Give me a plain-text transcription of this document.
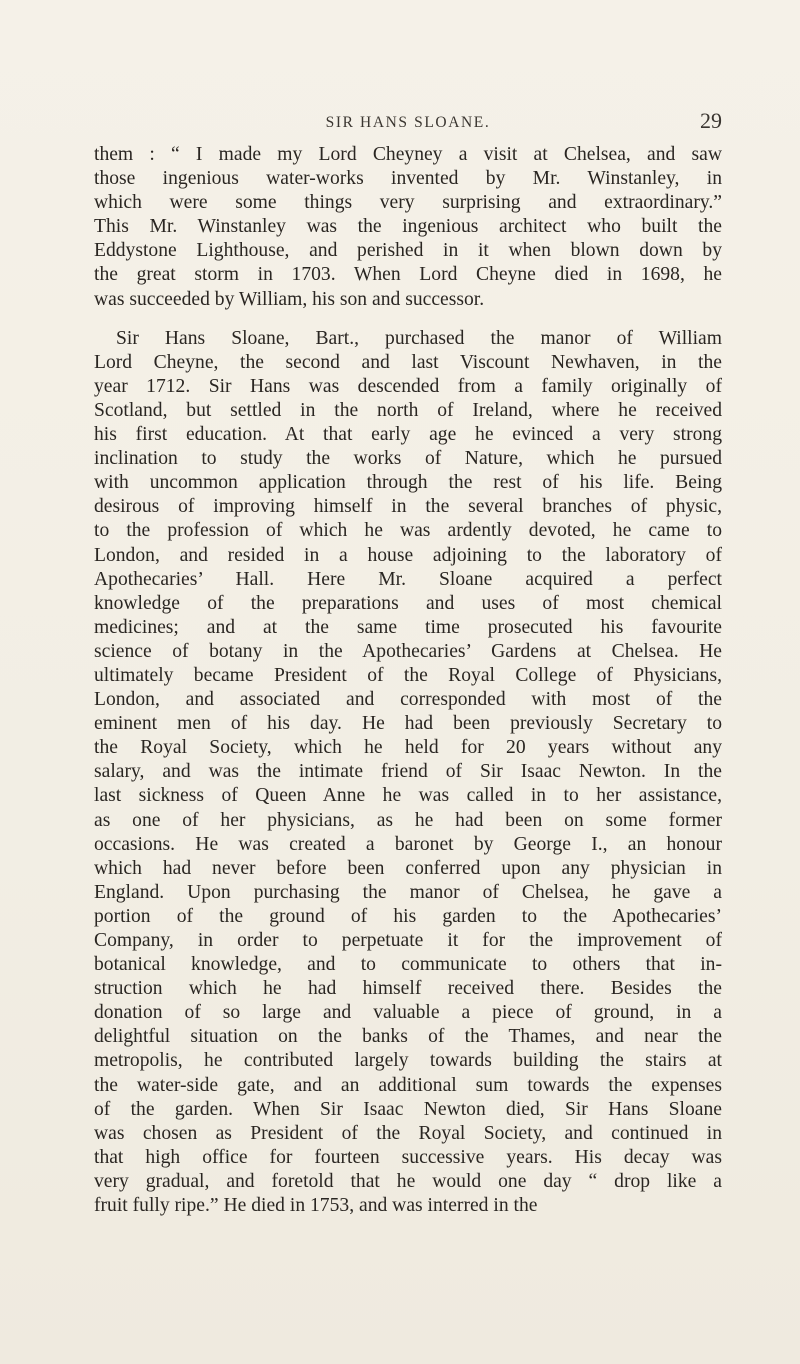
SIR HANS SLOANE.	29
them : “ I made my Lord Cheyney a visit at Chelsea, and saw
those ingenious water-works invented by Mr. Winstanley, in
which were some things very surprising and extraordinary.”
This Mr. Winstanley was the ingenious architect who built the
Eddystone Lighthouse, and perished in it when blown down by
the great storm in 1703. When Lord Cheyne died in 1698, he
was succeeded by William, his son and successor.
Sir Hans Sloane, Bart., purchased the manor of William
Lord Cheyne, the second and last Viscount Newhaven, in the
year 1712. Sir Hans was descended from a family originally of
Scotland, but settled in the north of Ireland, where he received
his first education. At that early age he evinced a very strong
inclination to study the works of Nature, which he pursued
with uncommon application through the rest of his life. Being
desirous of improving himself in the several branches of physic,
to the profession of which he was ardently devoted, he came to
London, and resided in a house adjoining to the laboratory of
Apothecaries’ Hall. Here Mr. Sloane acquired a perfect
knowledge of the preparations and uses of most chemical
medicines; and at the same time prosecuted his favourite
science of botany in the Apothecaries’ Gardens at Chelsea. He
ultimately became President of the Royal College of Physicians,
London, and associated and corresponded with most of the
eminent men of his day. He had been previously Secretary to
the Royal Society, which he held for 20 years without any
salary, and was the intimate friend of Sir Isaac Newton. In the
last sickness of Queen Anne he was called in to her assistance,
as one of her physicians, as he had been on some former
occasions. He was created a baronet by George I., an honour
which had never before been conferred upon any physician in
England. Upon purchasing the manor of Chelsea, he gave a
portion of the ground of his garden to the Apothecaries’
Company, in order to perpetuate it for the improvement of
botanical knowledge, and to communicate to others that in-
struction which he had himself received there. Besides the
donation of so large and valuable a piece of ground, in a
delightful situation on the banks of the Thames, and near the
metropolis, he contributed largely towards building the stairs at
the water-side gate, and an additional sum towards the expenses
of the garden. When Sir Isaac Newton died, Sir Hans Sloane
was chosen as President of the Royal Society, and continued in
that high office for fourteen successive years. His decay was
very gradual, and foretold that he would one day “ drop like a
fruit fully ripe.” He died in 1753, and was interred in the
